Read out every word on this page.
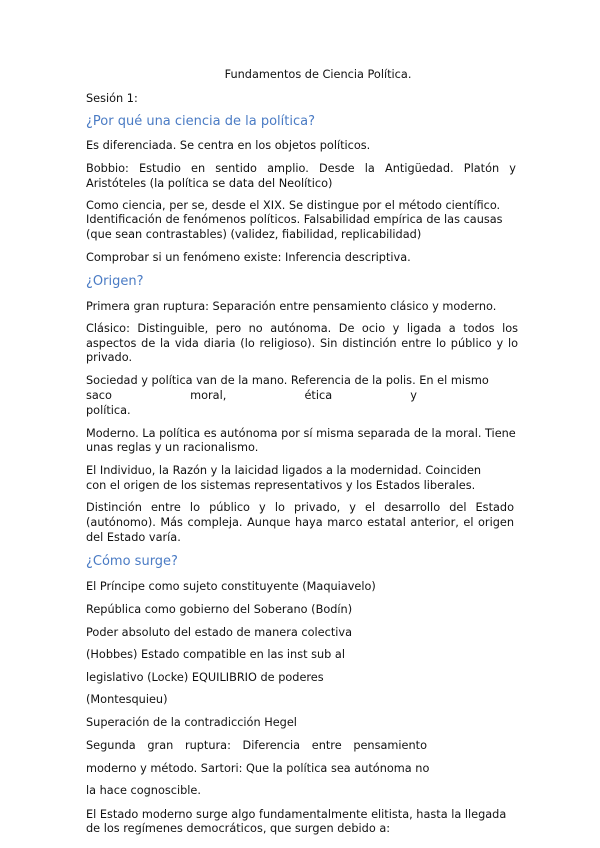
Fundamentos de Ciencia Política.
Sesión 1:
¿Por qué una ciencia de la política?
Es diferenciada. Se centra en los objetos políticos.
Bobbio: Estudio en sentido amplio. Desde la Antigüedad. Platón y
Aristóteles (la política se data del Neolítico)
Como ciencia, per se, desde el XIX. Se distingue por el método científico.
Identificación de fenómenos políticos. Falsabilidad empírica de las causas
(que sean contrastables) (validez, fiabilidad, replicabilidad)
Comprobar si un fenómeno existe: Inferencia descriptiva.
¿Origen?
Primera gran ruptura: Separación entre pensamiento clásico y moderno.
Clásico: Distinguible, pero no autónoma. De ocio y ligada a todos los
aspectos de la vida diaria (lo religioso). Sin distinción entre lo público y lo
privado.
Sociedad y política van de la mano. Referencia de la polis. En el mismo
saco moral, ética y
política.
Moderno. La política es autónoma por sí misma separada de la moral. Tiene
unas reglas y un racionalismo.
El Individuo, la Razón y la laicidad ligados a la modernidad. Coinciden
con el origen de los sistemas representativos y los Estados liberales.
Distinción entre lo público y lo privado, y el desarrollo del Estado
(autónomo). Más compleja. Aunque haya marco estatal anterior, el origen
del Estado varía.
¿Cómo surge?
El Príncipe como sujeto constituyente (Maquiavelo)
República como gobierno del Soberano (Bodín)
Poder absoluto del estado de manera colectiva
(Hobbes) Estado compatible en las inst sub al
legislativo (Locke) EQUILIBRIO de poderes
(Montesquieu)
Superación de la contradicción Hegel
Segunda gran ruptura: Diferencia entre pensamiento
moderno y método. Sartori: Que la política sea autónoma no
la hace cognoscible.
El Estado moderno surge algo fundamentalmente elitista, hasta la llegada
de los regímenes democráticos, que surgen debido a:
